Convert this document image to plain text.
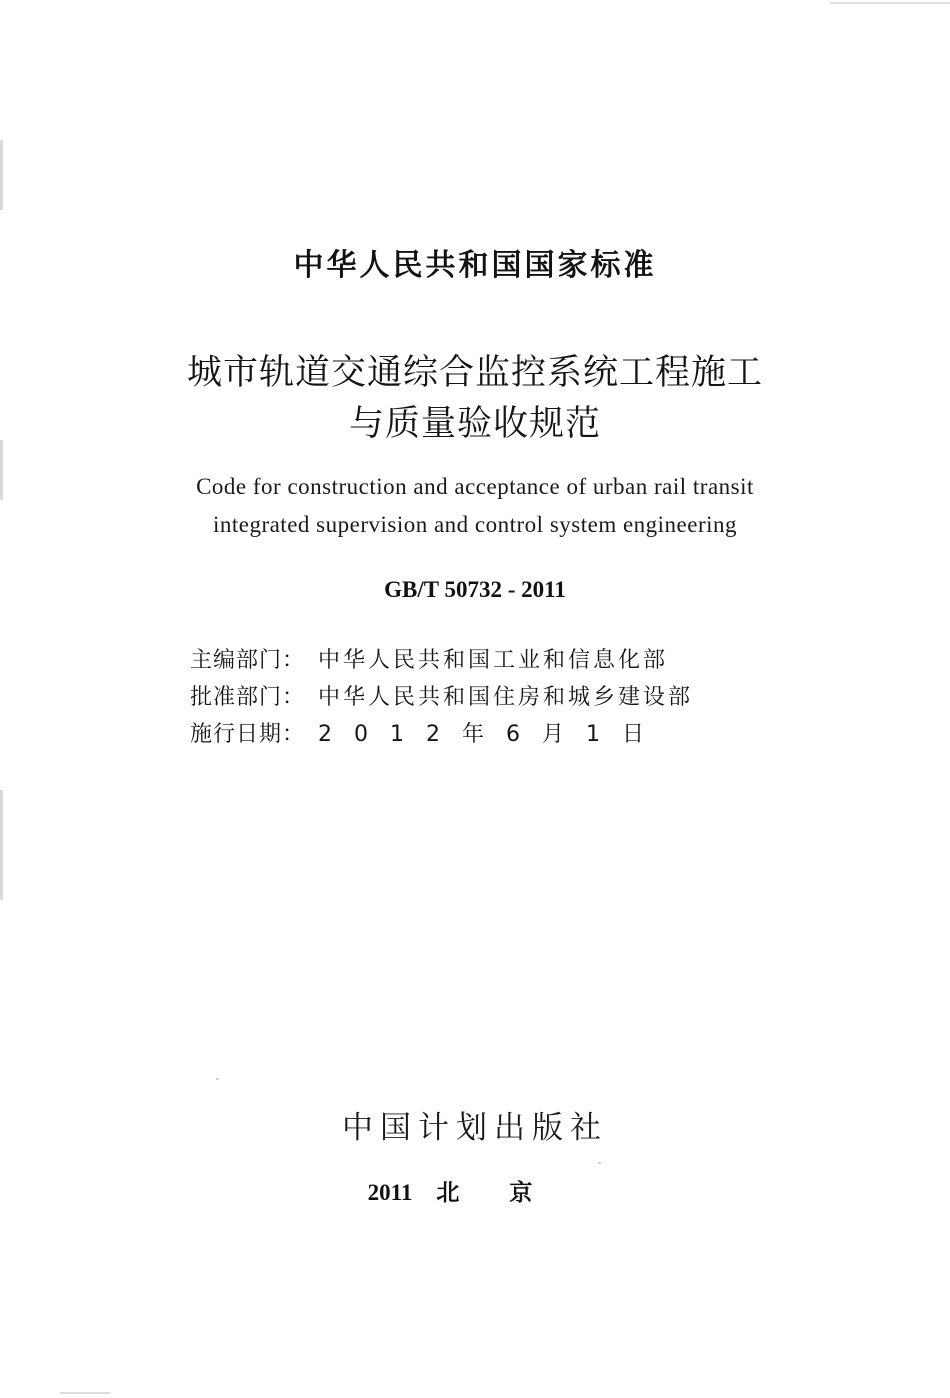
中华人民共和国国家标准
城市轨道交通综合监控系统工程施工
与质量验收规范
Code for construction and acceptance of urban rail transit
integrated supervision and control system engineering
GB/T 50732 - 2011
主编部门： 中华人民共和国工业和信息化部
批准部门： 中华人民共和国住房和城乡建设部
施行日期： 2012年6月1日
中国计划出版社
2011 北京
